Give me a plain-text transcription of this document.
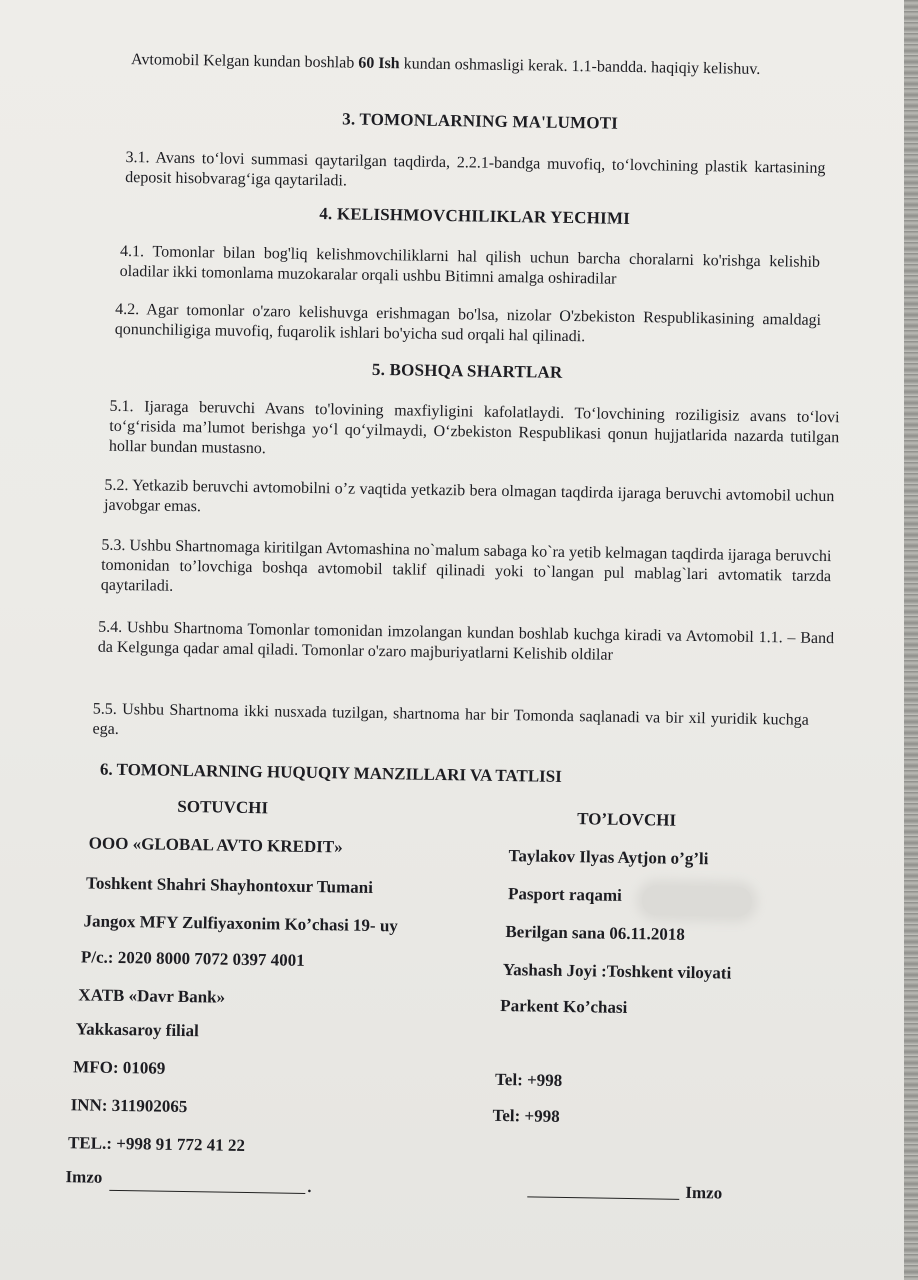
Avtomobil Kelgan kundan boshlab 60 Ish kundan oshmasligi kerak. 1.1-bandda. haqiqiy kelishuv.

3. TOMONLARNING MA'LUMOTI

3.1. Avans to‘lovi summasi qaytarilgan taqdirda, 2.2.1-bandga muvofiq, to‘lovchining plastik kartasining deposit hisobvarag‘iga qaytariladi.

4. KELISHMOVCHILIKLAR YECHIMI

4.1. Tomonlar bilan bog'liq kelishmovchiliklarni hal qilish uchun barcha choralarni ko'rishga kelishib oladilar ikki tomonlama muzokaralar orqali ushbu Bitimni amalga oshiradilar

4.2. Agar tomonlar o'zaro kelishuvga erishmagan bo'lsa, nizolar O'zbekiston Respublikasining amaldagi qonunchiligiga muvofiq, fuqarolik ishlari bo'yicha sud orqali hal qilinadi.

5. BOSHQA SHARTLAR

5.1. Ijaraga beruvchi Avans to'lovining maxfiyligini kafolatlaydi. To‘lovchining roziligisiz avans to‘lovi to‘g‘risida ma’lumot berishga yo‘l qo‘yilmaydi, O‘zbekiston Respublikasi qonun hujjatlarida nazarda tutilgan hollar bundan mustasno.

5.2. Yetkazib beruvchi avtomobilni o’z vaqtida yetkazib bera olmagan taqdirda ijaraga beruvchi avtomobil uchun javobgar emas.

5.3. Ushbu Shartnomaga kiritilgan Avtomashina no`malum sabaga ko`ra yetib kelmagan taqdirda ijaraga beruvchi tomonidan to’lovchiga boshqa avtomobil taklif qilinadi yoki to`langan pul mablag`lari avtomatik tarzda qaytariladi.

5.4. Ushbu Shartnoma Tomonlar tomonidan imzolangan kundan boshlab kuchga kiradi va Avtomobil 1.1. – Band da Kelgunga qadar amal qiladi. Tomonlar o'zaro majburiyatlarni Kelishib oldilar

5.5. Ushbu Shartnoma ikki nusxada tuzilgan, shartnoma har bir Tomonda saqlanadi va bir xil yuridik kuchga ega.

6. TOMONLARNING HUQUQIY MANZILLARI VA TATLISI
SOTUVCHI
TO’LOVCHI
OOO «GLOBAL AVTO KREDIT»
Toshkent Shahri Shayhontoxur Tumani
Jangox MFY Zulfiyaxonim Ko’chasi 19- uy
P/c.: 2020 8000 7072 0397 4001
XATB «Davr Bank»
Yakkasaroy filial
MFO: 01069
INN: 311902065
TEL.: +998 91 772 41 22
Imzo
.
Taylakov Ilyas Aytjon o’g’li
Pasport raqami
Berilgan sana 06.11.2018
Yashash Joyi :Toshkent viloyati
Parkent Ko’chasi
Tel: +998
Tel: +998
Imzo
